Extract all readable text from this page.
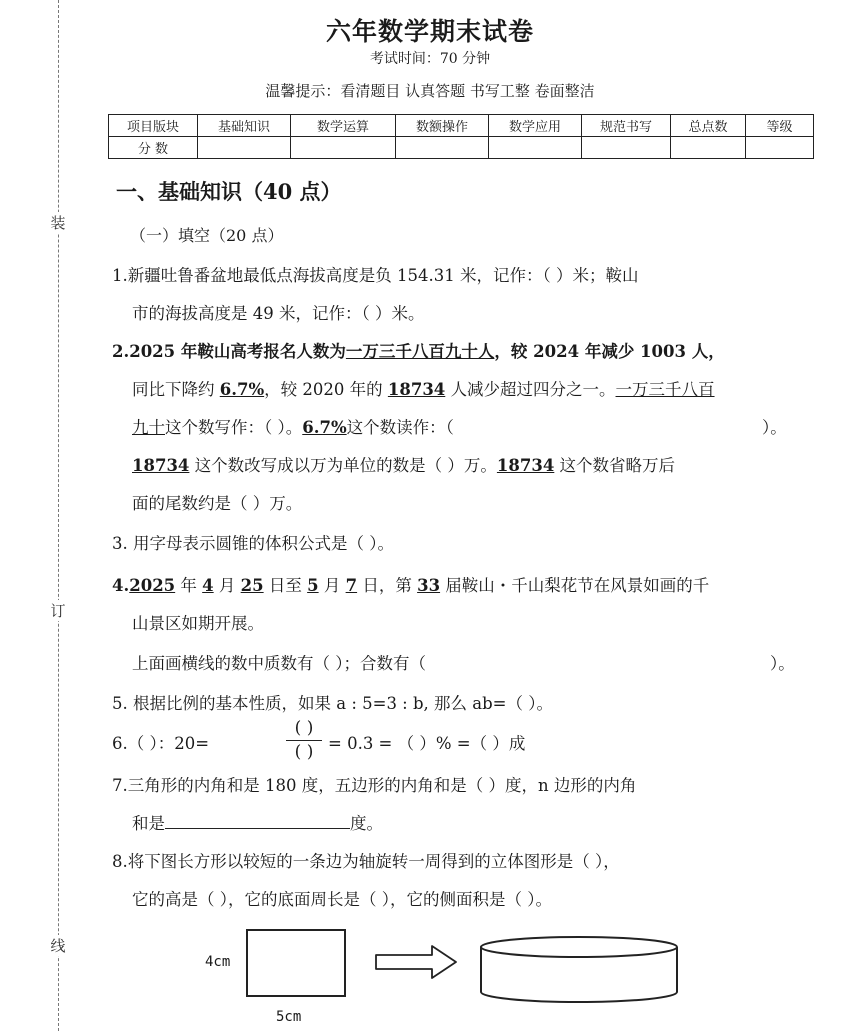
装
订
线
六年数学期末试卷
考试时间：70 分钟
温馨提示：看清题目 认真答题 书写工整 卷面整洁
项目版块	基础知识	数学运算	数额操作	数学应用	规范书写	总点数	等级
分 数							
一、基础知识（40 点）
（一）填空（20 点）
1.新疆吐鲁番盆地最低点海拔高度是负 154.31 米，记作：（ ）米；鞍山
市的海拔高度是 49 米，记作：（ ）米。
2.2025 年鞍山高考报名人数为一万三千八百九十人，较 2024 年减少 1003 人，
同比下降约 6.7%，较 2020 年的 18734 人减少超过四分之一。一万三千八百
九十这个数写作：（ ）。6.7%这个数读作：（	）。
18734 这个数改写成以万为单位的数是（ ）万。18734 这个数省略万后
面的尾数约是（ ）万。
3. 用字母表示圆锥的体积公式是（ ）。
4.2025 年 4 月 25 日至 5 月 7 日，第 33 届鞍山・千山梨花节在风景如画的千
山景区如期开展。
上面画横线的数中质数有（ ）；合数有（	）。
5. 根据比例的基本性质，如果 a : 5=3 : b, 那么 ab=（ ）。
6.（ ）：20=
( )
( ) = 0.3 = （ ）% =（ ）成
7.三角形的内角和是 180 度，五边形的内角和是（ ）度，n 边形的内角
和是	度。
8.将下图长方形以较短的一条边为轴旋转一周得到的立体图形是（ ），
它的高是（ ），它的底面周长是（ ），它的侧面积是（ ）。
4cm
5cm
